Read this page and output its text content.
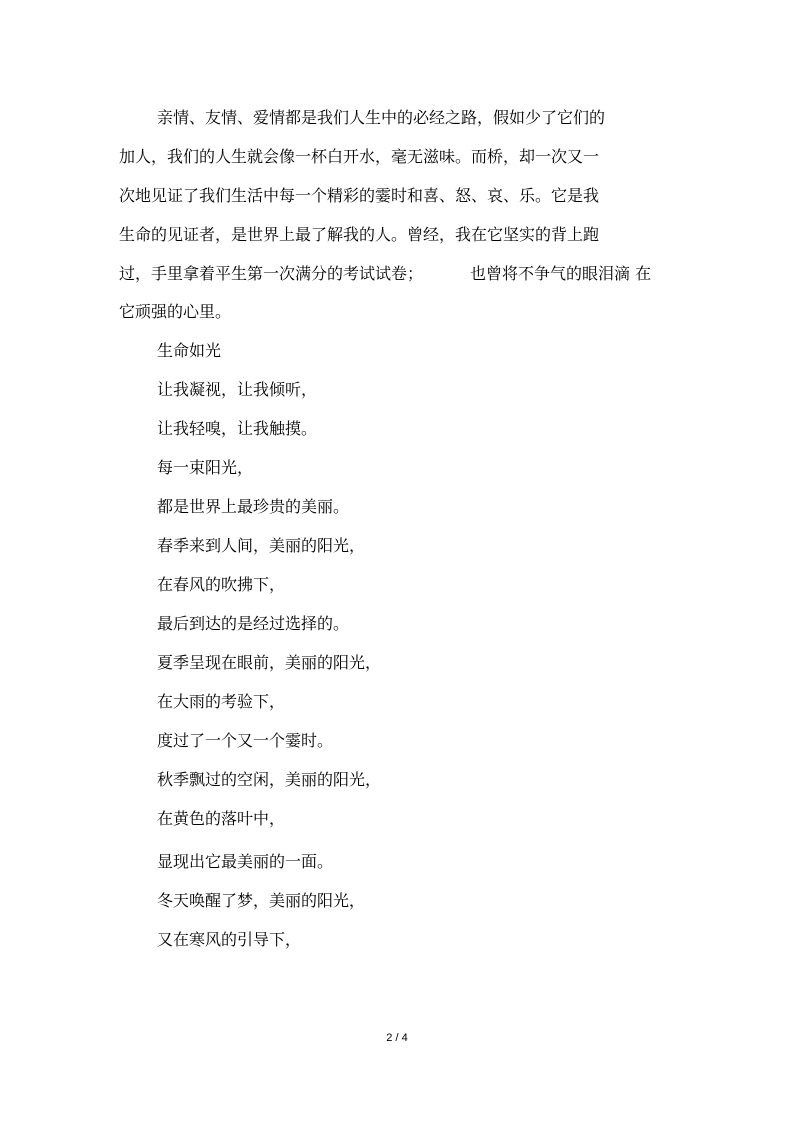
亲情、友情、爱情都是我们人生中的必经之路，假如少了它们的
加人，我们的人生就会像一杯白开水，毫无滋味。而桥，却一次又一
次地见证了我们生活中每一个精彩的霎时和喜、怒、哀、乐。它是我
生命的见证者，是世界上最了解我的人。曾经，我在它坚实的背上跑
过，手里拿着平生第一次满分的考试试卷；	也曾将不争气的眼泪滴 在
它顽强的心里。
生命如光
让我凝视，让我倾听，
让我轻嗅，让我触摸。
每一束阳光，
都是世界上最珍贵的美丽。
春季来到人间，美丽的阳光，
在春风的吹拂下，
最后到达的是经过选择的。
夏季呈现在眼前，美丽的阳光，
在大雨的考验下，
度过了一个又一个霎时。
秋季飘过的空闲，美丽的阳光，
在黄色的落叶中，
显现出它最美丽的一面。
冬天唤醒了梦，美丽的阳光，
又在寒风的引导下，
2 / 4
